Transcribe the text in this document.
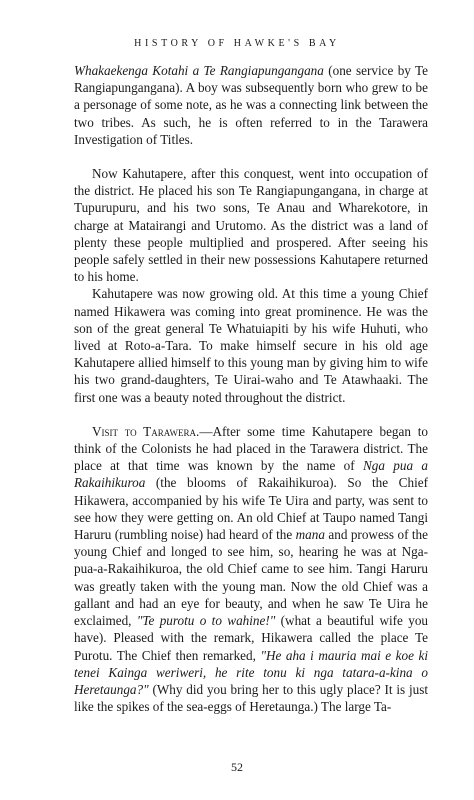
HISTORY OF HAWKE'S BAY

Whakaekenga Kotahi a Te Rangiapungangana (one service by Te Rangiapungangana). A boy was subsequently born who grew to be a personage of some note, as he was a connecting link between the two tribes. As such, he is often referred to in the Tarawera Investigation of Titles.

Now Kahutapere, after this conquest, went into occupation of the district. He placed his son Te Rangiapungangana, in charge at Tupurupuru, and his two sons, Te Anau and Wharekotore, in charge at Matairangi and Urutomo. As the district was a land of plenty these people multiplied and prospered. After seeing his people safely settled in their new possessions Kahutapere returned to his home.

Kahutapere was now growing old. At this time a young Chief named Hikawera was coming into great prominence. He was the son of the great general Te Whatuiapiti by his wife Huhuti, who lived at Roto-a-Tara. To make himself secure in his old age Kahutapere allied himself to this young man by giving him to wife his two grand-daughters, Te Uirai-waho and Te Atawhaaki. The first one was a beauty noted throughout the district.

Visit to Tarawera.—After some time Kahutapere began to think of the Colonists he had placed in the Tarawera district. The place at that time was known by the name of Nga pua a Rakaihikuroa (the blooms of Rakaihikuroa). So the Chief Hikawera, accompanied by his wife Te Uira and party, was sent to see how they were getting on. An old Chief at Taupo named Tangi Haruru (rumbling noise) had heard of the mana and prowess of the young Chief and longed to see him, so, hearing he was at Nga-pua-a-Rakaihikuroa, the old Chief came to see him. Tangi Haruru was greatly taken with the young man. Now the old Chief was a gallant and had an eye for beauty, and when he saw Te Uira he exclaimed, "Te purotu o to wahine!" (what a beautiful wife you have). Pleased with the remark, Hikawera called the place Te Purotu. The Chief then remarked, "He aha i mauria mai e koe ki tenei Kainga weriweri, he rite tonu ki nga tatara-a-kina o Heretaunga?" (Why did you bring her to this ugly place? It is just like the spikes of the sea-eggs of Heretaunga.) The large Ta-

52
